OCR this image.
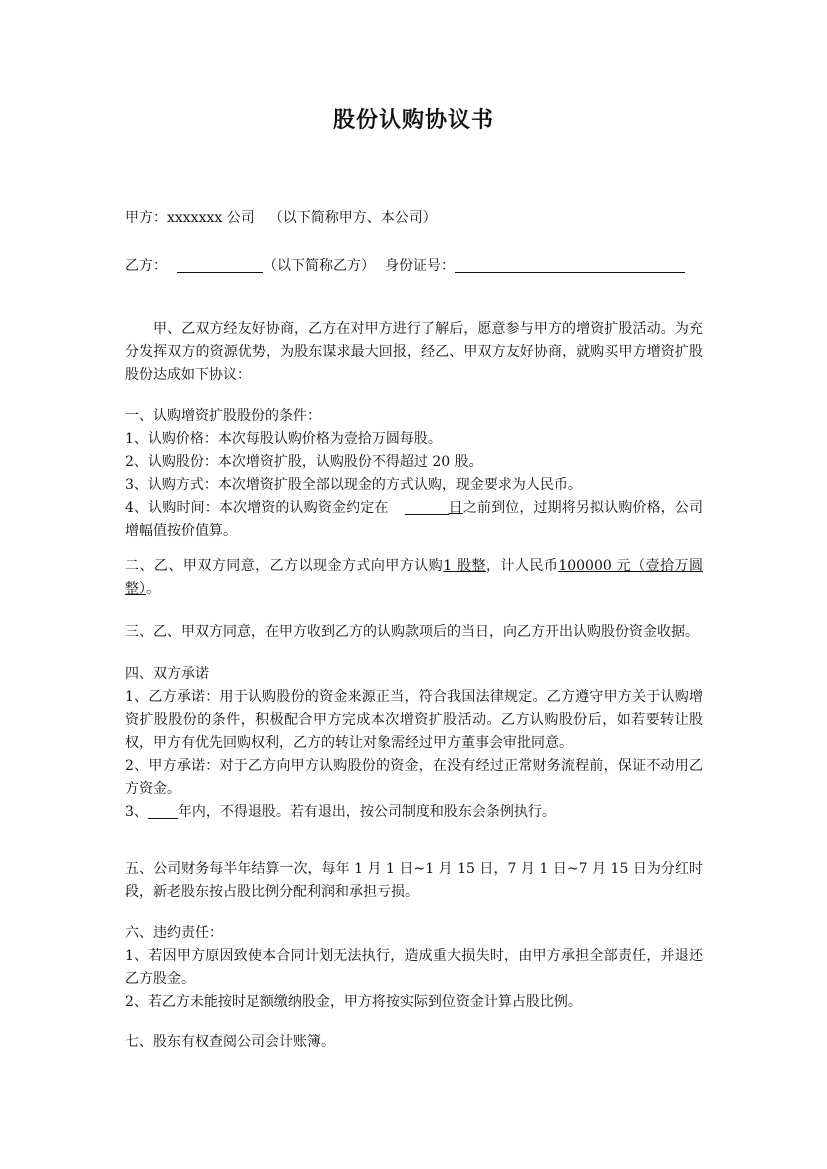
股份认购协议书
甲方：xxxxxxx 公司 （以下简称甲方、本公司）
乙方：	（以下简称乙方） 身份证号：
甲、乙双方经友好协商，乙方在对甲方进行了解后，愿意参与甲方的增资扩股活动。为充分发挥双方的资源优势，为股东谋求最大回报，经乙、甲双方友好协商，就购买甲方增资扩股股份达成如下协议：
一、认购增资扩股股份的条件：
1、认购价格：本次每股认购价格为壹拾万圆每股。
2、认购股份：本次增资扩股，认购股份不得超过 20 股。
3、认购方式：本次增资扩股全部以现金的方式认购，现金要求为人民币。
4、认购时间：本次增资的认购资金约定在	日之前到位，过期将另拟认购价格，公司增幅值按价值算。
二、乙、甲双方同意，乙方以现金方式向甲方认购1 股整，计人民币100000 元（壹拾万圆整）。
三、乙、甲双方同意，在甲方收到乙方的认购款项后的当日，向乙方开出认购股份资金收据。
四、双方承诺
1、乙方承诺：用于认购股份的资金来源正当，符合我国法律规定。乙方遵守甲方关于认购增资扩股股份的条件，积极配合甲方完成本次增资扩股活动。乙方认购股份后，如若要转让股权，甲方有优先回购权利，乙方的转让对象需经过甲方董事会审批同意。
2、甲方承诺：对于乙方向甲方认购股份的资金，在没有经过正常财务流程前，保证不动用乙方资金。
3、 年内，不得退股。若有退出，按公司制度和股东会条例执行。
五、公司财务每半年结算一次，每年 1 月 1 日~1 月 15 日，7 月 1 日~7 月 15 日为分红时段，新老股东按占股比例分配利润和承担亏损。
六、违约责任：
1、若因甲方原因致使本合同计划无法执行，造成重大损失时，由甲方承担全部责任，并退还乙方股金。
2、若乙方未能按时足额缴纳股金，甲方将按实际到位资金计算占股比例。
七、股东有权查阅公司会计账簿。
